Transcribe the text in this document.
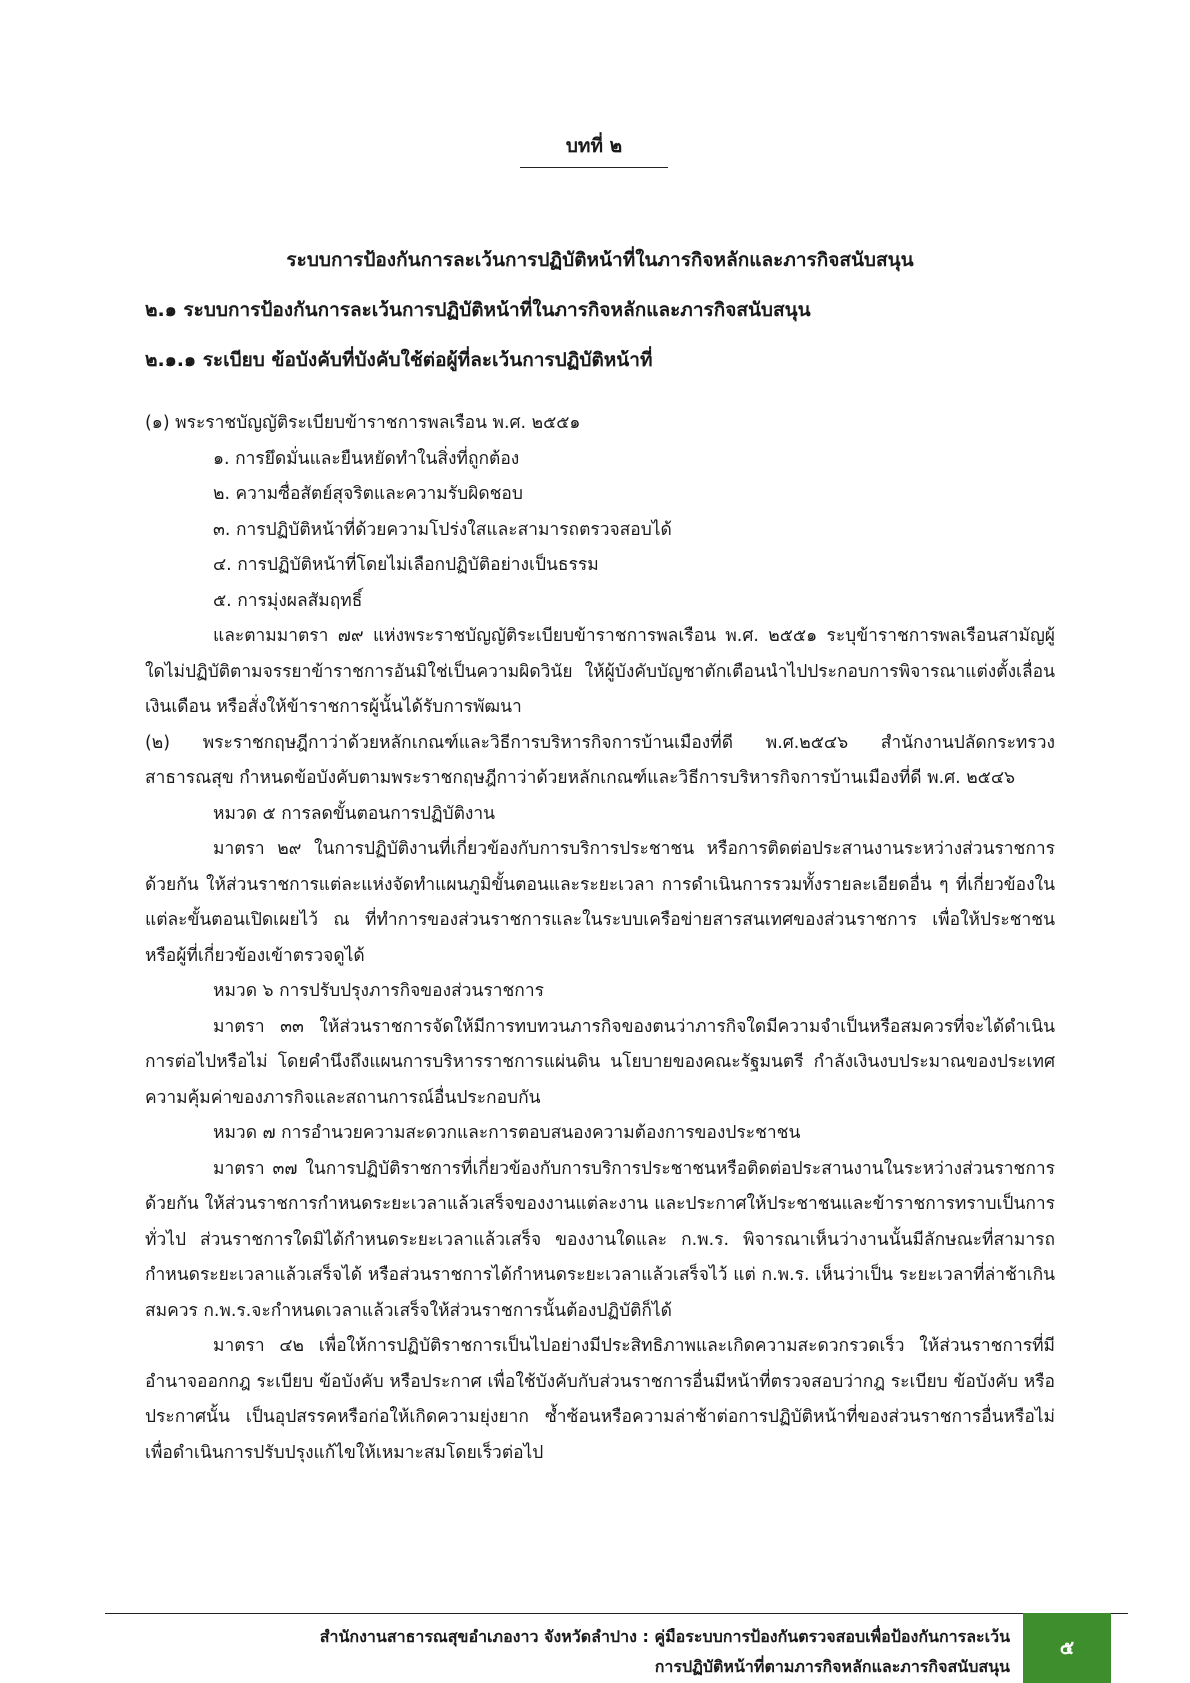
บทที่ ๒
ระบบการป้องกันการละเว้นการปฏิบัติหน้าที่ในภารกิจหลักและภารกิจสนับสนุน
๒.๑ ระบบการป้องกันการละเว้นการปฏิบัติหน้าที่ในภารกิจหลักและภารกิจสนับสนุน
๒.๑.๑ ระเบียบ ข้อบังคับที่บังคับใช้ต่อผู้ที่ละเว้นการปฏิบัติหน้าที่

(๑) พระราชบัญญัติระเบียบข้าราชการพลเรือน พ.ศ. ๒๕๕๑

๑. การยึดมั่นและยืนหยัดทำในสิ่งที่ถูกต้อง

๒. ความซื่อสัตย์สุจริตและความรับผิดชอบ

๓. การปฏิบัติหน้าที่ด้วยความโปร่งใสและสามารถตรวจสอบได้

๔. การปฏิบัติหน้าที่โดยไม่เลือกปฏิบัติอย่างเป็นธรรม

๕. การมุ่งผลสัมฤทธิ์

และตามมาตรา ๗๙ แห่งพระราชบัญญัติระเบียบข้าราชการพลเรือน พ.ศ. ๒๕๕๑ ระบุข้าราชการพลเรือนสามัญผู้ใดไม่ปฏิบัติตามจรรยาข้าราชการอันมิใช่เป็นความผิดวินัย ให้ผู้บังคับบัญชาตักเตือนนำไปประกอบการพิจารณาแต่งตั้งเลื่อนเงินเดือน หรือสั่งให้ข้าราชการผู้นั้นได้รับการพัฒนา

(๒) พระราชกฤษฎีกาว่าด้วยหลักเกณฑ์และวิธีการบริหารกิจการบ้านเมืองที่ดี พ.ศ.๒๕๔๖ สำนักงานปลัดกระทรวงสาธารณสุข กำหนดข้อบังคับตามพระราชกฤษฎีกาว่าด้วยหลักเกณฑ์และวิธีการบริหารกิจการบ้านเมืองที่ดี พ.ศ. ๒๕๔๖

หมวด ๕ การลดขั้นตอนการปฏิบัติงาน

มาตรา ๒๙ ในการปฏิบัติงานที่เกี่ยวข้องกับการบริการประชาชน หรือการติดต่อประสานงานระหว่างส่วนราชการด้วยกัน ให้ส่วนราชการแต่ละแห่งจัดทำแผนภูมิขั้นตอนและระยะเวลา การดำเนินการรวมทั้งรายละเอียดอื่น ๆ ที่เกี่ยวข้องในแต่ละขั้นตอนเปิดเผยไว้ ณ ที่ทำการของส่วนราชการและในระบบเครือข่ายสารสนเทศของส่วนราชการ เพื่อให้ประชาชนหรือผู้ที่เกี่ยวข้องเข้าตรวจดูได้

หมวด ๖ การปรับปรุงภารกิจของส่วนราชการ

มาตรา ๓๓ ให้ส่วนราชการจัดให้มีการทบทวนภารกิจของตนว่าภารกิจใดมีความจำเป็นหรือสมควรที่จะได้ดำเนินการต่อไปหรือไม่ โดยคำนึงถึงแผนการบริหารราชการแผ่นดิน นโยบายของคณะรัฐมนตรี กำลังเงินงบประมาณของประเทศ ความคุ้มค่าของภารกิจและสถานการณ์อื่นประกอบกัน

หมวด ๗ การอำนวยความสะดวกและการตอบสนองความต้องการของประชาชน

มาตรา ๓๗ ในการปฏิบัติราชการที่เกี่ยวข้องกับการบริการประชาชนหรือติดต่อประสานงานในระหว่างส่วนราชการด้วยกัน ให้ส่วนราชการกำหนดระยะเวลาแล้วเสร็จของงานแต่ละงาน และประกาศให้ประชาชนและข้าราชการทราบเป็นการทั่วไป ส่วนราชการใดมิได้กำหนดระยะเวลาแล้วเสร็จ ของงานใดและ ก.พ.ร. พิจารณาเห็นว่างานนั้นมีลักษณะที่สามารถกำหนดระยะเวลาแล้วเสร็จได้ หรือส่วนราชการได้กำหนดระยะเวลาแล้วเสร็จไว้ แต่ ก.พ.ร. เห็นว่าเป็น ระยะเวลาที่ล่าช้าเกินสมควร ก.พ.ร.จะกำหนดเวลาแล้วเสร็จให้ส่วนราชการนั้นต้องปฏิบัติก็ได้

มาตรา ๔๒ เพื่อให้การปฏิบัติราชการเป็นไปอย่างมีประสิทธิภาพและเกิดความสะดวกรวดเร็ว ให้ส่วนราชการที่มีอำนาจออกกฎ ระเบียบ ข้อบังคับ หรือประกาศ เพื่อใช้บังคับกับส่วนราชการอื่นมีหน้าที่ตรวจสอบว่ากฎ ระเบียบ ข้อบังคับ หรือประกาศนั้น เป็นอุปสรรคหรือก่อให้เกิดความยุ่งยาก ซ้ำซ้อนหรือความล่าช้าต่อการปฏิบัติหน้าที่ของส่วนราชการอื่นหรือไม่ เพื่อดำเนินการปรับปรุงแก้ไขให้เหมาะสมโดยเร็วต่อไป

สำนักงานสาธารณสุขอำเภองาว จังหวัดลำปาง : คู่มือระบบการป้องกันตรวจสอบเพื่อป้องกันการละเว้น
การปฏิบัติหน้าที่ตามภารกิจหลักและภารกิจสนับสนุน
๕
